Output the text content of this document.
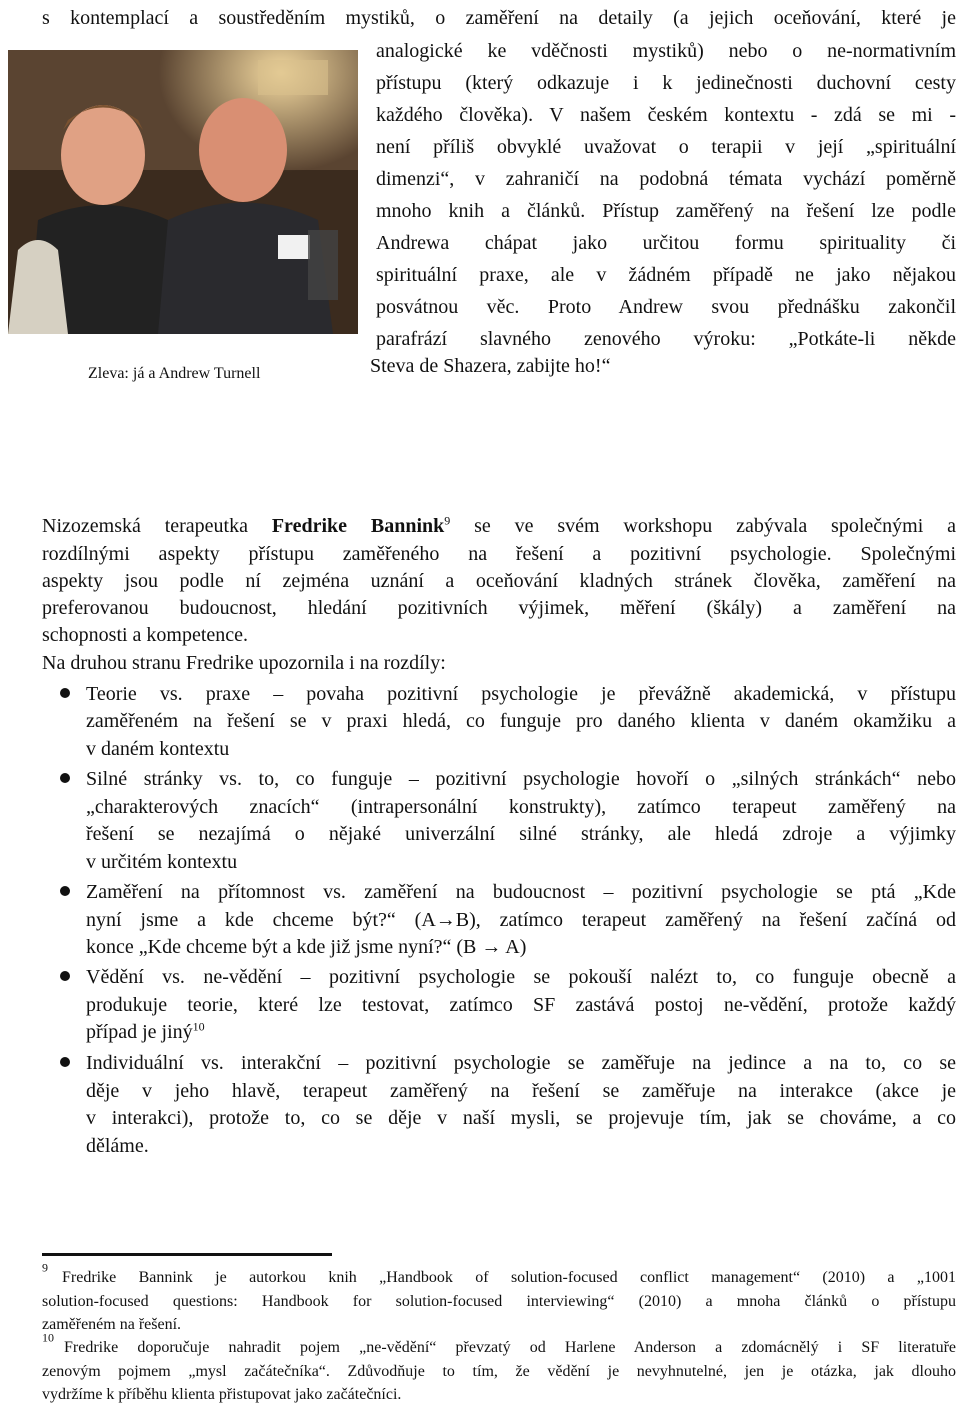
s kontemplací a soustředěním mystiků, o zaměření na detaily (a jejich oceňování, které je
analogické ke vděčnosti mystiků) nebo o ne-normativním
přístupu (který odkazuje i k jedinečnosti duchovní cesty
každého člověka). V našem českém kontextu - zdá se mi -
není příliš obvyklé uvažovat o terapii v její „spirituální
dimenzi“, v zahraničí na podobná témata vychází poměrně
mnoho knih a článků. Přístup zaměřený na řešení lze podle
Andrewa chápat jako určitou formu spirituality či
spirituální praxe, ale v žádném případě ne jako nějakou
posvátnou věc. Proto Andrew svou přednášku zakončil
parafrází slavného zenového výroku: „Potkáte-li někde
Steva de Shazera, zabijte ho!“
Zleva: já a Andrew Turnell
Nizozemská terapeutka Fredrike Bannink$^9$ se ve svém workshopu zabývala společnými a
rozdílnými aspekty přístupu zaměřeného na řešení a pozitivní psychologie. Společnými
aspekty jsou podle ní zejména uznání a oceňování kladných stránek člověka, zaměření na
preferovanou budoucnost, hledání pozitivních výjimek, měření (škály) a zaměření na
schopnosti a kompetence.
Na druhou stranu Fredrike upozornila i na rozdíly:
Teorie vs. praxe – povaha pozitivní psychologie je převážně akademická, v přístupu
zaměřeném na řešení se v praxi hledá, co funguje pro daného klienta v daném okamžiku a
v daném kontextu
Silné stránky vs. to, co funguje – pozitivní psychologie hovoří o „silných stránkách“ nebo
„charakterových znacích“ (intrapersonální konstrukty), zatímco terapeut zaměřený na
řešení se nezajímá o nějaké univerzální silné stránky, ale hledá zdroje a výjimky
v určitém kontextu
Zaměření na přítomnost vs. zaměření na budoucnost – pozitivní psychologie se ptá „Kde
nyní jsme a kde chceme být?“ (A→B), zatímco terapeut zaměřený na řešení začíná od
konce „Kde chceme být a kde již jsme nyní?“ (B → A)
Vědění vs. ne-vědění – pozitivní psychologie se pokouší nalézt to, co funguje obecně a
produkuje teorie, které lze testovat, zatímco SF zastává postoj ne-vědění, protože každý
případ je jiný$^{10}$
Individuální vs. interakční – pozitivní psychologie se zaměřuje na jedince a na to, co se
děje v jeho hlavě, terapeut zaměřený na řešení se zaměřuje na interakce (akce je
v interakci), protože to, co se děje v naší mysli, se projevuje tím, jak se chováme, a co
děláme.
$^9$
Fredrike Bannink je autorkou knih „Handbook of solution-focused conflict management“ (2010) a „1001
solution-focused questions: Handbook for solution-focused interviewing“ (2010) a mnoha článků o přístupu
zaměřeném na řešení.
$^{10}$
Fredrike doporučuje nahradit pojem „ne-vědění“ převzatý od Harlene Anderson a zdomácnělý i SF literatuře
zenovým pojmem „mysl začátečníka“. Zdůvodňuje to tím, že vědění je nevyhnutelné, jen je otázka, jak dlouho
vydržíme k příběhu klienta přistupovat jako začátečníci.
